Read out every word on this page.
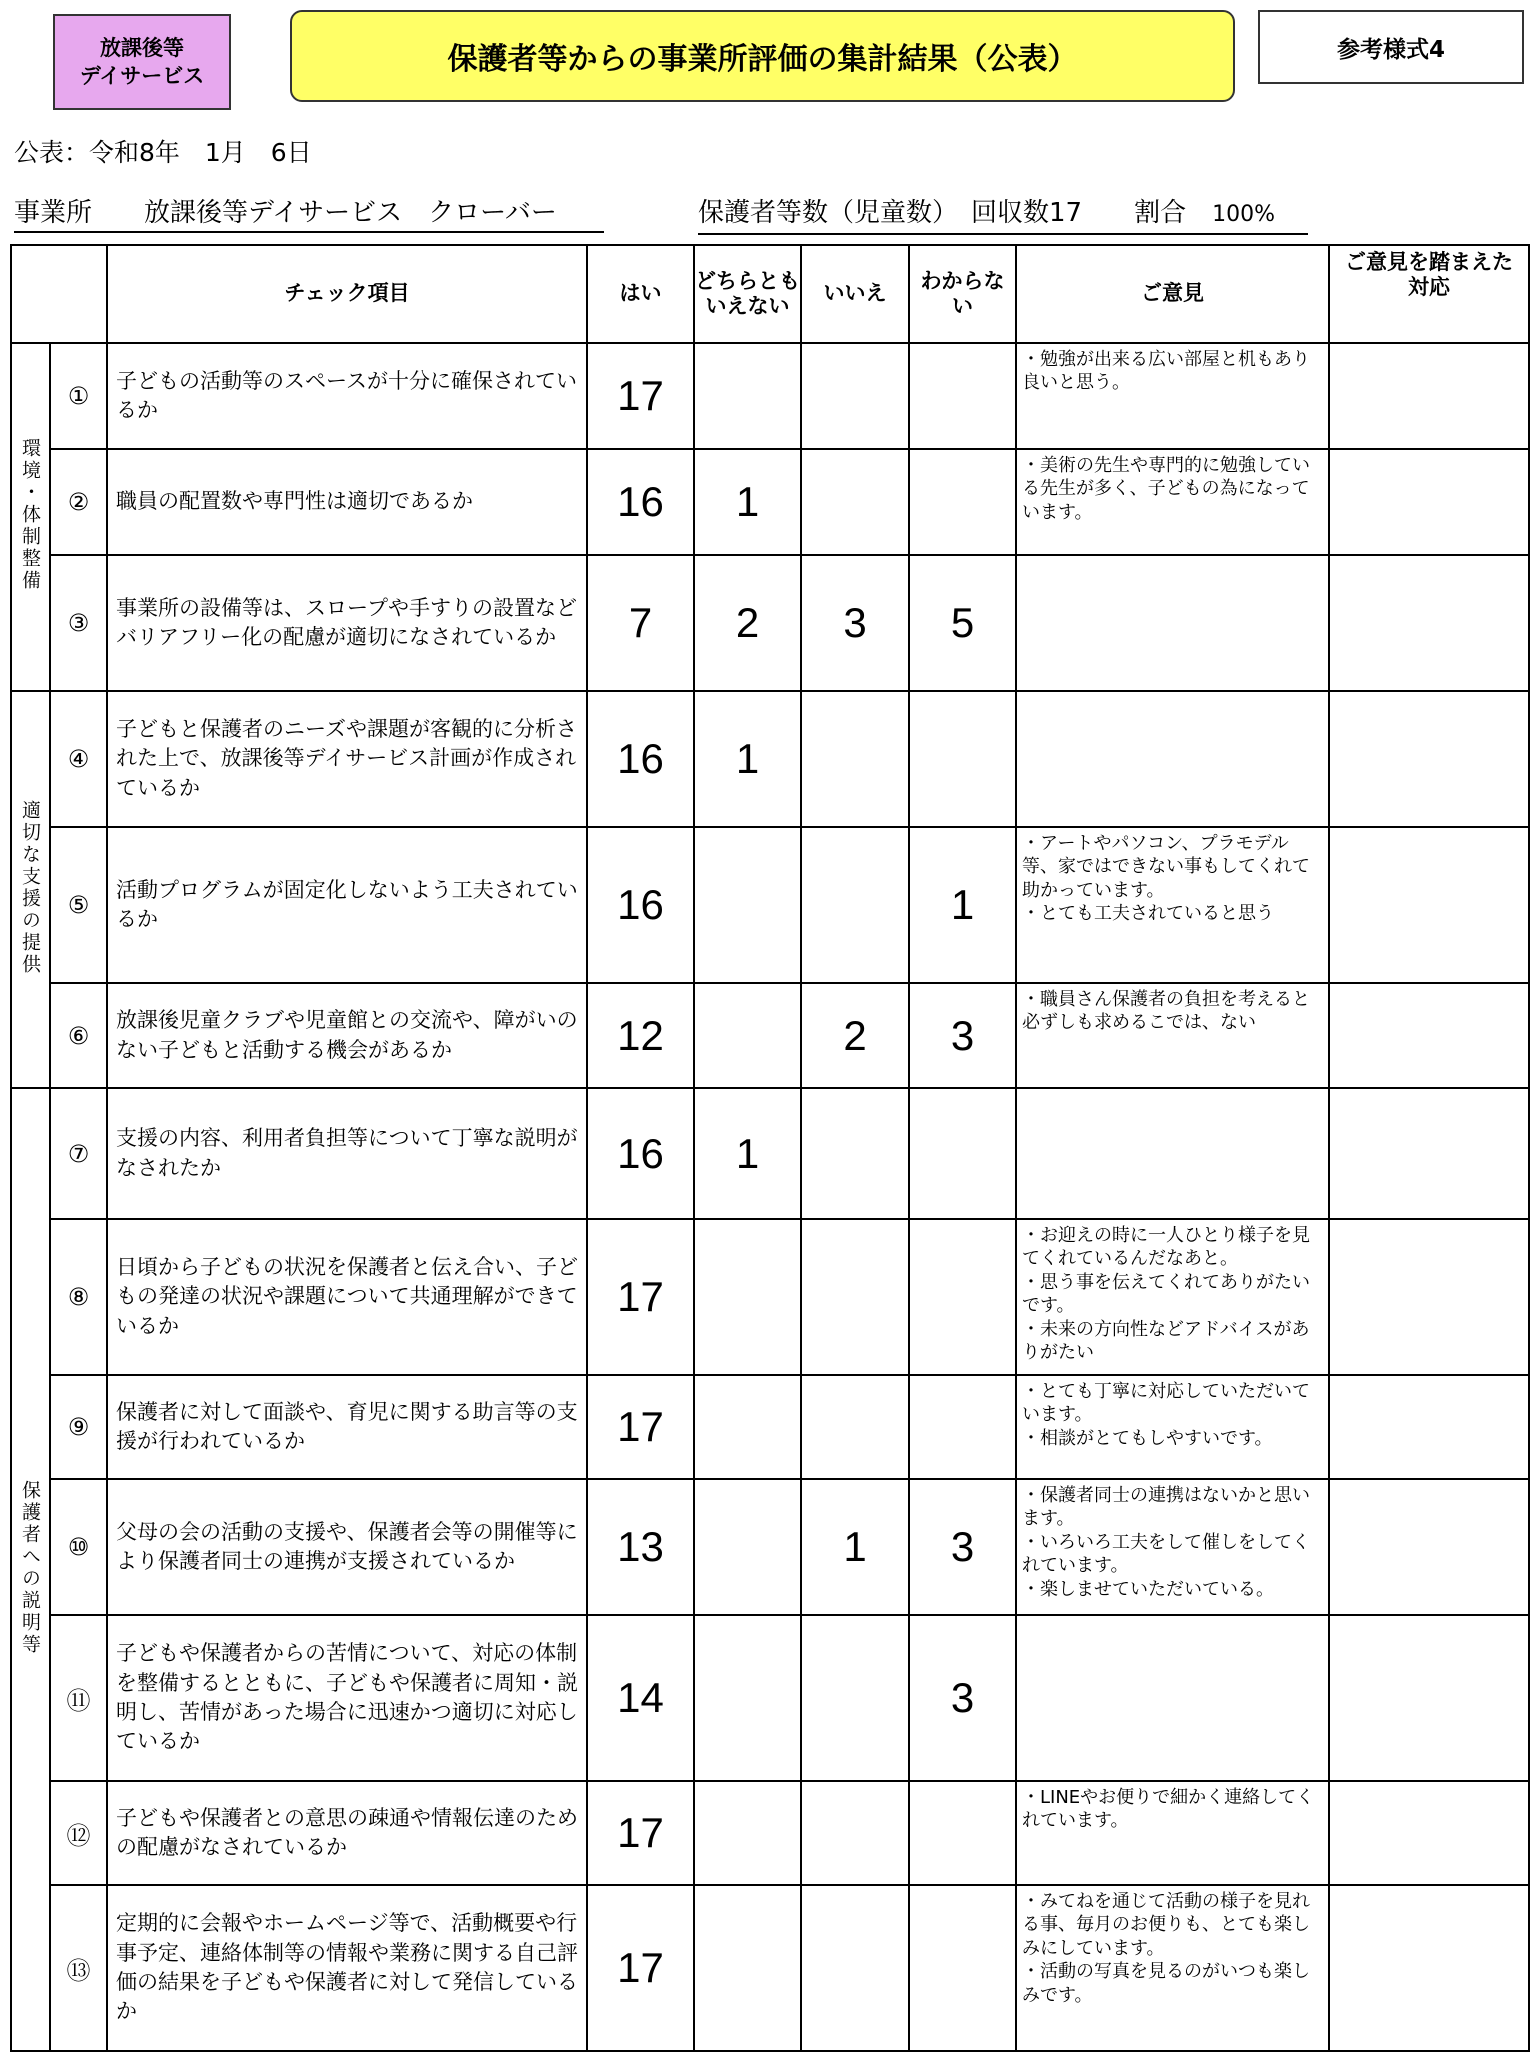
放課後等
デイサービス	保護者等からの事業所評価の集計結果（公表）	参考様式4
公表：令和8年　1月　6日
事業所　　放課後等デイサービス　クローバー	保護者等数（児童数）　回収数17　　割合　100%
		チェック項目	はい	どちらとも
いえない	いいえ	わからな
い	ご意見	ご意見を踏まえた
対応
環境・体制整備	①	子どもの活動等のスペースが十分に確保されているか	17				・勉強が出来る広い部屋と机もあり良いと思う。	

	②	職員の配置数や専門性は適切であるか	16	1			・美術の先生や専門的に勉強している先生が多く、子どもの為になっています。	

	③	事業所の設備等は、スロープや手すりの設置などバリアフリー化の配慮が適切になされているか	7	2	3	5		
適切な支援の提供	④	子どもと保護者のニーズや課題が客観的に分析された上で、放課後等デイサービス計画が作成されているか	16	1				
	⑤	活動プログラムが固定化しないよう工夫されているか	16			1	・アートやパソコン、プラモデル等、家ではできない事もしてくれて助かっています。
・とても工夫されていると思う	

	⑥	放課後児童クラブや児童館との交流や、障がいのない子どもと活動する機会があるか	12		2	3	・職員さん保護者の負担を考えると必ずしも求めるこでは、ない	

保護者への説明等	⑦	支援の内容、利用者負担等について丁寧な説明がなされたか	16	1				
	⑧	日頃から子どもの状況を保護者と伝え合い、子どもの発達の状況や課題について共通理解ができているか	17				・お迎えの時に一人ひとり様子を見てくれているんだなあと。
・思う事を伝えてくれてありがたいです。
・未来の方向性などアドバイスがありがたい	

	⑨	保護者に対して面談や、育児に関する助言等の支援が行われているか	17				・とても丁寧に対応していただいています。
・相談がとてもしやすいです。	

	⑩	父母の会の活動の支援や、保護者会等の開催等により保護者同士の連携が支援されているか	13		1	3	・保護者同士の連携はないかと思います。
・いろいろ工夫をして催しをしてくれています。
・楽しませていただいている。	

	⑪	子どもや保護者からの苦情について、対応の体制を整備するとともに、子どもや保護者に周知・説明し、苦情があった場合に迅速かつ適切に対応しているか	14			3		
	⑫	子どもや保護者との意思の疎通や情報伝達のための配慮がなされているか	17				・LINEやお便りで細かく連絡してくれています。	

	⑬	定期的に会報やホームページ等で、活動概要や行事予定、連絡体制等の情報や業務に関する自己評価の結果を子どもや保護者に対して発信しているか	17				・みてねを通じて活動の様子を見れる事、毎月のお便りも、とても楽しみにしています。
・活動の写真を見るのがいつも楽しみです。	
